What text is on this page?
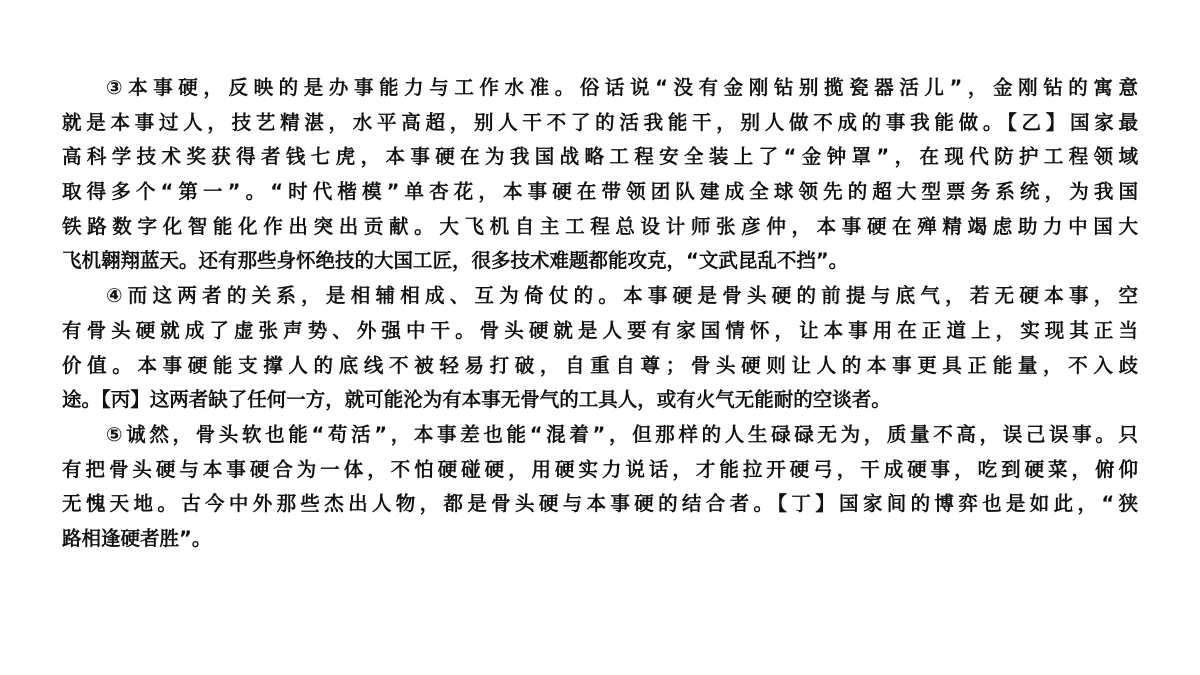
③本事硬，反映的是办事能力与工作水准。俗话说“没有金刚钻别揽瓷器活儿”，金刚钻的寓意
就是本事过人，技艺精湛，水平高超，别人干不了的活我能干，别人做不成的事我能做。【乙】国家最
高科学技术奖获得者钱七虎，本事硬在为我国战略工程安全装上了“金钟罩”，在现代防护工程领域
取得多个“第一”。“时代楷模”单杏花，本事硬在带领团队建成全球领先的超大型票务系统，为我国
铁路数字化智能化作出突出贡献。大飞机自主工程总设计师张彦仲，本事硬在殚精竭虑助力中国大
飞机翱翔蓝天。还有那些身怀绝技的大国工匠，很多技术难题都能攻克，“文武昆乱不挡”。
④而这两者的关系，是相辅相成、互为倚仗的。本事硬是骨头硬的前提与底气，若无硬本事，空
有骨头硬就成了虚张声势、外强中干。骨头硬就是人要有家国情怀，让本事用在正道上，实现其正当
价值。本事硬能支撑人的底线不被轻易打破，自重自尊；骨头硬则让人的本事更具正能量，不入歧
途。【丙】这两者缺了任何一方，就可能沦为有本事无骨气的工具人，或有火气无能耐的空谈者。
⑤诚然，骨头软也能“苟活”，本事差也能“混着”，但那样的人生碌碌无为，质量不高，误己误事。只
有把骨头硬与本事硬合为一体，不怕硬碰硬，用硬实力说话，才能拉开硬弓，干成硬事，吃到硬菜，俯仰
无愧天地。古今中外那些杰出人物，都是骨头硬与本事硬的结合者。【丁】国家间的博弈也是如此，“狭
路相逢硬者胜”。
